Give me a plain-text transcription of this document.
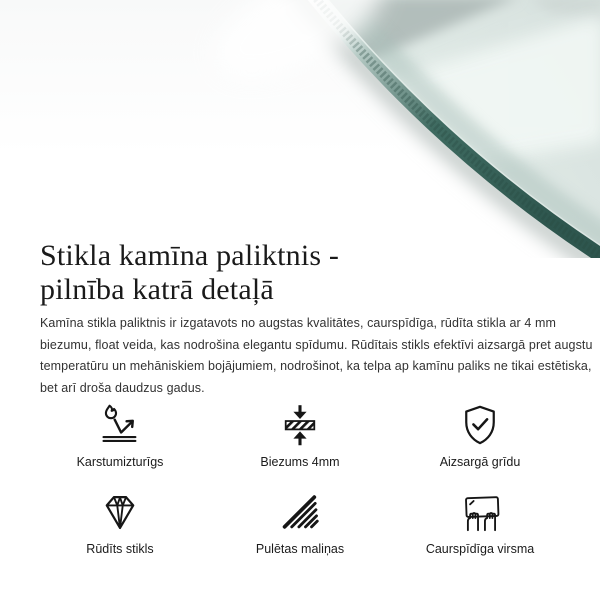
Stikla kamīna paliktnis -
pilnība katrā detaļā

Kamīna stikla paliktnis ir izgatavots no augstas kvalitātes, caurspīdīga, rūdīta stikla ar 4 mm biezumu, float veida, kas nodrošina elegantu spīdumu. Rūdītais stikls efektīvi aizsargā pret augstu temperatūru un mehāniskiem bojājumiem, nodrošinot, ka telpa ap kamīnu paliks ne tikai estētiska, bet arī droša daudzus gadus.

Karstumizturīgs	Biezums 4mm	Aizsargā grīdu
Rūdīts stikls	Pulētas maliņas	Caurspīdīga virsma
